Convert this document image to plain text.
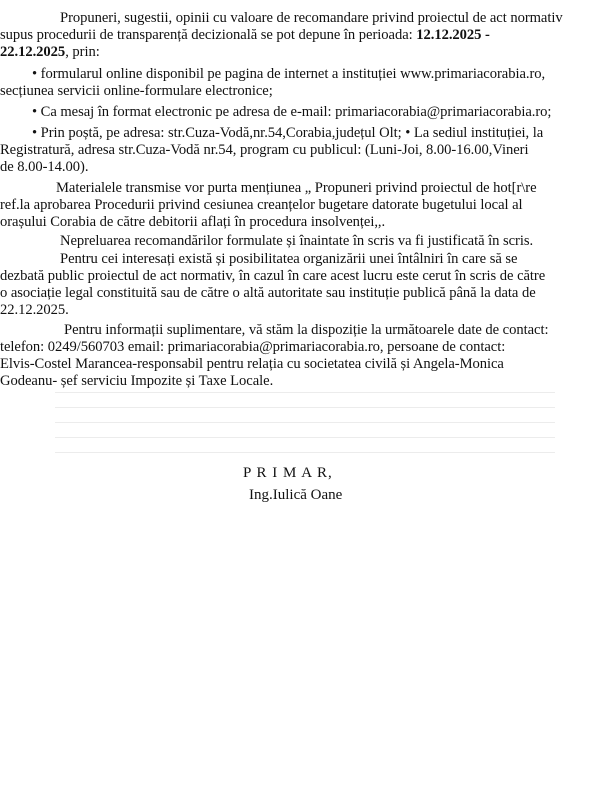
Propuneri, sugestii, opinii cu valoare de recomandare privind proiectul de act normativ
supus procedurii de transparență decizională se pot depune în perioada: 12.12.2025 -
22.12.2025, prin:
• formularul online disponibil pe pagina de internet a instituției www.primariacorabia.ro,
secțiunea servicii online-formulare electronice;
• Ca mesaj în format electronic pe adresa de e-mail: primariacorabia@primariacorabia.ro;
• Prin poștă, pe adresa: str.Cuza-Vodă,nr.54,Corabia,județul Olt; • La sediul instituției, la
Registratură, adresa str.Cuza-Vodă nr.54, program cu publicul: (Luni-Joi, 8.00-16.00,Vineri
de 8.00-14.00).
Materialele transmise vor purta mențiunea „ Propuneri privind proiectul de hot[r\re
ref.la aprobarea Procedurii privind cesiunea creanțelor bugetare datorate bugetului local al
orașului Corabia de către debitorii aflați în procedura insolvenței,,.
Nepreluarea recomandărilor formulate și înaintate în scris va fi justificată în scris.
Pentru cei interesați există și posibilitatea organizării unei întâlniri în care să se
dezbată public proiectul de act normativ, în cazul în care acest lucru este cerut în scris de către
o asociație legal constituită sau de către o altă autoritate sau instituție publică până la data de
22.12.2025.
Pentru informații suplimentare, vă stăm la dispoziție la următoarele date de contact:
telefon: 0249/560703 email: primariacorabia@primariacorabia.ro, persoane de contact:
Elvis-Costel Marancea-responsabil pentru relația cu societatea civilă și Angela-Monica
Godeanu- șef serviciu Impozite și Taxe Locale.
P R I M A R,
Ing.Iulică Oane
